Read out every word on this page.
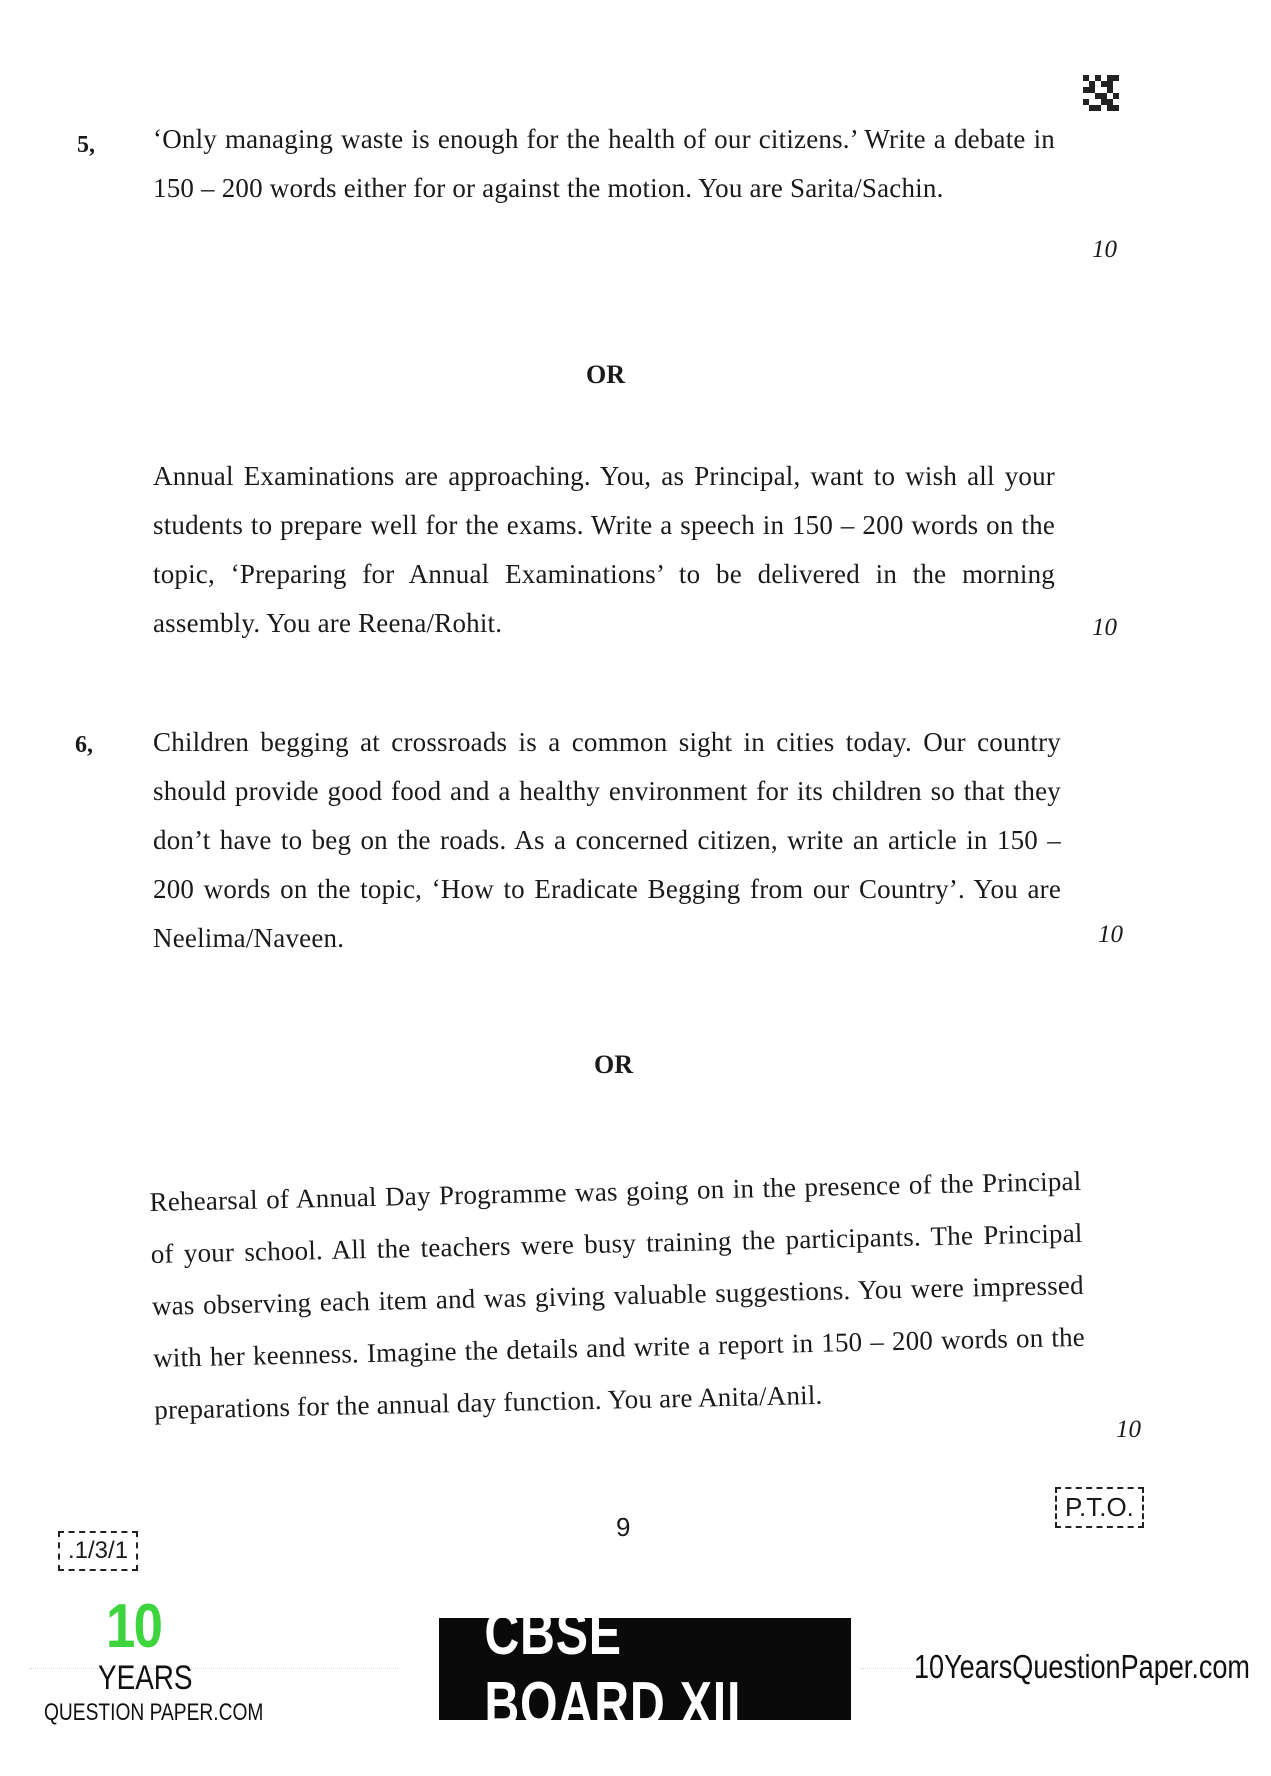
5, ‘Only managing waste is enough for the health of our citizens.’ Write a debate in 150 – 200 words either for or against the motion. You are Sarita/Sachin.
10
OR
Annual Examinations are approaching. You, as Principal, want to wish all your students to prepare well for the exams. Write a speech in 150 – 200 words on the topic, ‘Preparing for Annual Examinations’ to be delivered in the morning assembly. You are Reena/Rohit.	10
6, Children begging at crossroads is a common sight in cities today. Our country should provide good food and a healthy environment for its children so that they don’t have to beg on the roads. As a concerned citizen, write an article in 150 – 200 words on the topic, ‘How to Eradicate Begging from our Country’. You are Neelima/Naveen.	10
OR
Rehearsal of Annual Day Programme was going on in the presence of the Principal of your school. All the teachers were busy training the participants. The Principal was observing each item and was giving valuable suggestions. You were impressed with her keenness. Imagine the details and write a report in 150 – 200 words on the preparations for the annual day function. You are Anita/Anil.
10
P.T.O.
9
.1/3/1
10
YEARS
QUESTION PAPER.COM
CBSE BOARD XII
10YearsQuestionPaper.com
